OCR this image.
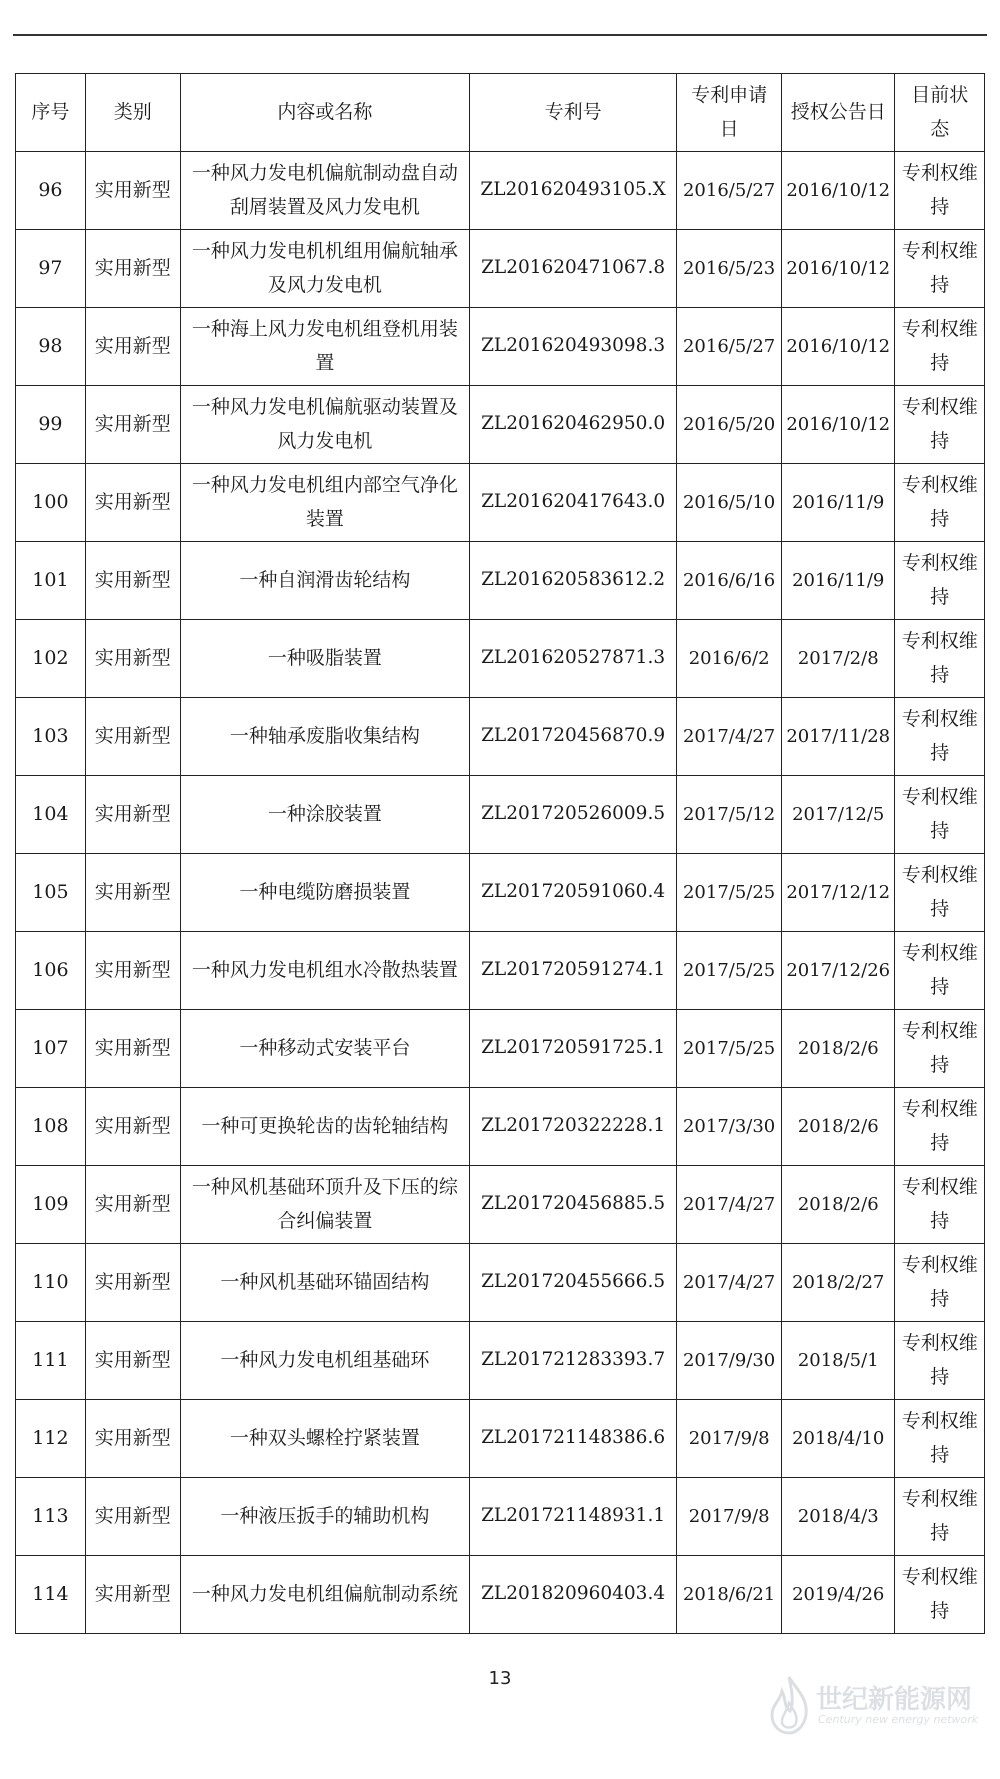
序号	类别	内容或名称	专利号	专利申请日	授权公告日	目前状态
96	实用新型	一种风力发电机偏航制动盘自动刮屑装置及风力发电机	ZL201620493105.X	2016/5/27	2016/10/12	专利权维持
97	实用新型	一种风力发电机机组用偏航轴承及风力发电机	ZL201620471067.8	2016/5/23	2016/10/12	专利权维持
98	实用新型	一种海上风力发电机组登机用装置	ZL201620493098.3	2016/5/27	2016/10/12	专利权维持
99	实用新型	一种风力发电机偏航驱动装置及风力发电机	ZL201620462950.0	2016/5/20	2016/10/12	专利权维持
100	实用新型	一种风力发电机组内部空气净化装置	ZL201620417643.0	2016/5/10	2016/11/9	专利权维持
101	实用新型	一种自润滑齿轮结构	ZL201620583612.2	2016/6/16	2016/11/9	专利权维持
102	实用新型	一种吸脂装置	ZL201620527871.3	2016/6/2	2017/2/8	专利权维持
103	实用新型	一种轴承废脂收集结构	ZL201720456870.9	2017/4/27	2017/11/28	专利权维持
104	实用新型	一种涂胶装置	ZL201720526009.5	2017/5/12	2017/12/5	专利权维持
105	实用新型	一种电缆防磨损装置	ZL201720591060.4	2017/5/25	2017/12/12	专利权维持
106	实用新型	一种风力发电机组水冷散热装置	ZL201720591274.1	2017/5/25	2017/12/26	专利权维持
107	实用新型	一种移动式安装平台	ZL201720591725.1	2017/5/25	2018/2/6	专利权维持
108	实用新型	一种可更换轮齿的齿轮轴结构	ZL201720322228.1	2017/3/30	2018/2/6	专利权维持
109	实用新型	一种风机基础环顶升及下压的综合纠偏装置	ZL201720456885.5	2017/4/27	2018/2/6	专利权维持
110	实用新型	一种风机基础环锚固结构	ZL201720455666.5	2017/4/27	2018/2/27	专利权维持
111	实用新型	一种风力发电机组基础环	ZL201721283393.7	2017/9/30	2018/5/1	专利权维持
112	实用新型	一种双头螺栓拧紧装置	ZL201721148386.6	2017/9/8	2018/4/10	专利权维持
113	实用新型	一种液压扳手的辅助机构	ZL201721148931.1	2017/9/8	2018/4/3	专利权维持
114	实用新型	一种风力发电机组偏航制动系统	ZL201820960403.4	2018/6/21	2019/4/26	专利权维持
13
世纪新能源网
Century new energy network
